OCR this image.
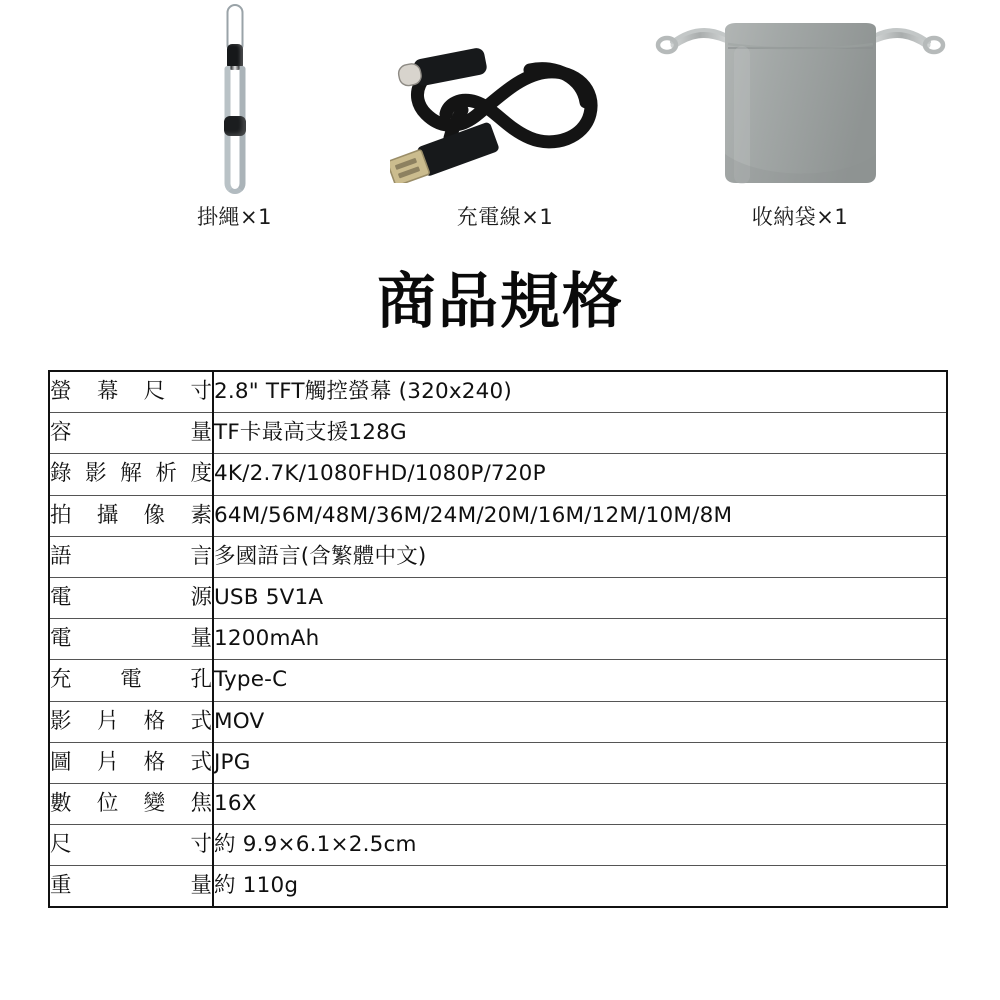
掛繩×1	充電線×1	收納袋×1
商品規格
螢 幕 尺 寸	2.8" TFT觸控螢幕 (320x240)

容 量	TF卡最高支援128G

錄 影 解 析 度	4K/2.7K/1080FHD/1080P/720P

拍 攝 像 素	64M/56M/48M/36M/24M/20M/16M/12M/10M/8M

語 言	多國語言(含繁體中文)

電 源	USB 5V1A

電 量	1200mAh

充 電 孔	Type-C

影 片 格 式	MOV

圖 片 格 式	JPG

數 位 變 焦	16X

尺 寸	約 9.9×6.1×2.5cm

重 量	約 110g
